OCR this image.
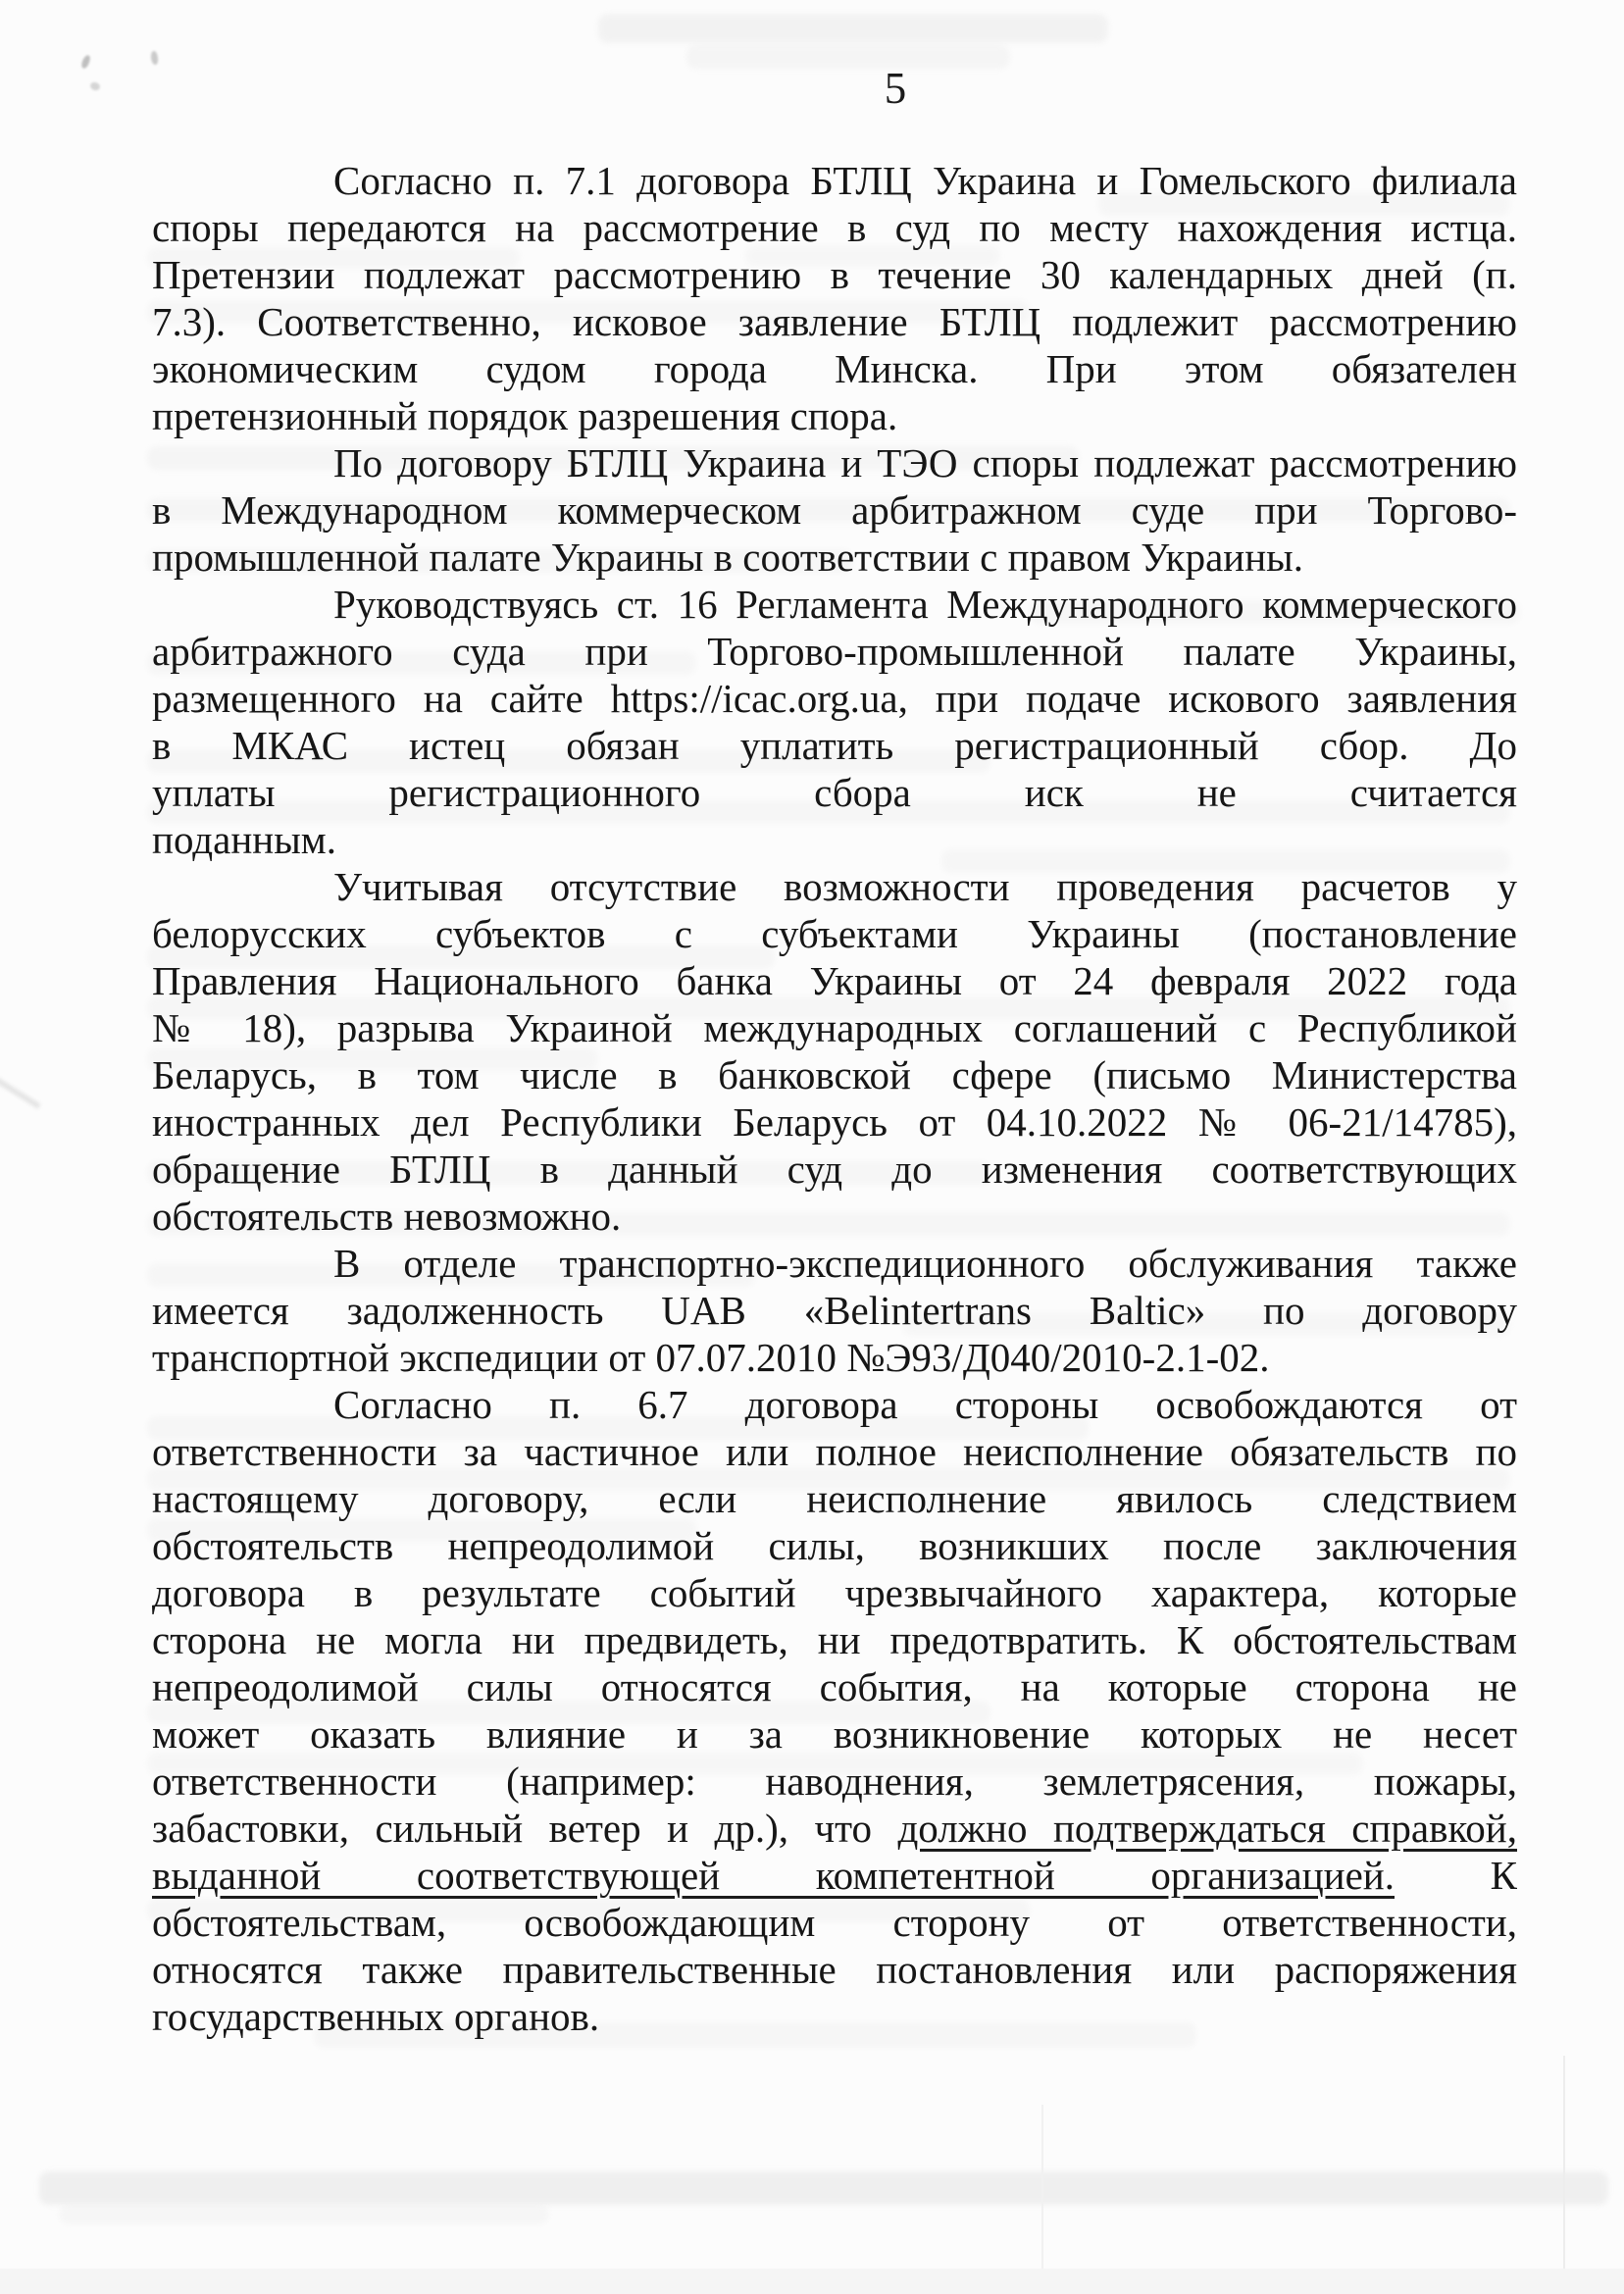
5
Согласно п. 7.1 договора БТЛЦ Украина и Гомельского филиала
споры передаются на рассмотрение в суд по месту нахождения истца.
Претензии подлежат рассмотрению в течение 30 календарных дней (п.
7.3). Соответственно, исковое заявление БТЛЦ подлежит рассмотрению
экономическим судом города Минска. При этом обязателен
претензионный порядок разрешения спора.
По договору БТЛЦ Украина и ТЭО споры подлежат рассмотрению
в Международном коммерческом арбитражном суде при Торгово-
промышленной палате Украины в соответствии с правом Украины.
Руководствуясь ст. 16 Регламента Международного коммерческого
арбитражного суда при Торгово-промышленной палате Украины,
размещенного на сайте https://icac.org.ua, при подаче искового заявления
в МКАС истец обязан уплатить регистрационный сбор. До
уплаты регистрационного сбора иск не считается
поданным.
Учитывая отсутствие возможности проведения расчетов у
белорусских субъектов с субъектами Украины (постановление
Правления Национального банка Украины от 24 февраля 2022 года
№ 18), разрыва Украиной международных соглашений с Республикой
Беларусь, в том числе в банковской сфере (письмо Министерства
иностранных дел Республики Беларусь от 04.10.2022 № 06-21/14785),
обращение БТЛЦ в данный суд до изменения соответствующих
обстоятельств невозможно.
В отделе транспортно-экспедиционного обслуживания также
имеется задолженность UAB «Belintertrans Baltic» по договору
транспортной экспедиции от 07.07.2010 №Э93/Д040/2010-2.1-02.
Согласно п. 6.7 договора стороны освобождаются от
ответственности за частичное или полное неисполнение обязательств по
настоящему договору, если неисполнение явилось следствием
обстоятельств непреодолимой силы, возникших после заключения
договора в результате событий чрезвычайного характера, которые
сторона не могла ни предвидеть, ни предотвратить. К обстоятельствам
непреодолимой силы относятся события, на которые сторона не
может оказать влияние и за возникновение которых не несет
ответственности (например: наводнения, землетрясения, пожары,
забастовки, сильный ветер и др.), что должно подтверждаться справкой,
выданной соответствующей компетентной организацией. К
обстоятельствам, освобождающим сторону от ответственности,
относятся также правительственные постановления или распоряжения
государственных органов.
